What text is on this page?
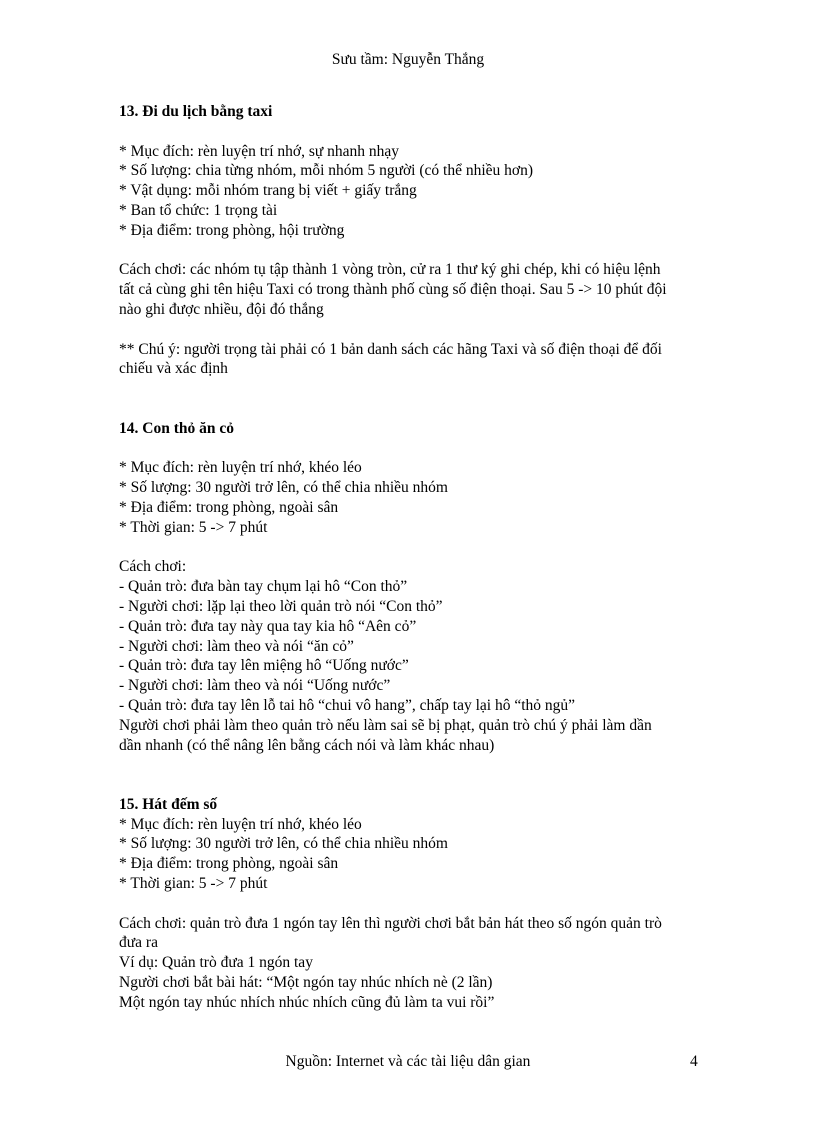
Sưu tầm: Nguyễn Thắng

13. Đi du lịch bằng taxi

* Mục đích: rèn luyện trí nhớ, sự nhanh nhạy

* Số lượng: chia từng nhóm, mỗi nhóm 5 người (có thể nhiều hơn)

* Vật dụng: mỗi nhóm trang bị viết + giấy trắng

* Ban tổ chức: 1 trọng tài

* Địa điểm: trong phòng, hội trường

Cách chơi: các nhóm tụ tập thành 1 vòng tròn, cử ra 1 thư ký ghi chép, khi có hiệu lệnh

tất cả cùng ghi tên hiệu Taxi có trong thành phố cùng số điện thoại. Sau 5 -> 10 phút đội

nào ghi được nhiều, đội đó thắng

** Chú ý: người trọng tài phải có 1 bản danh sách các hãng Taxi và số điện thoại để đối

chiếu và xác định

14. Con thỏ ăn cỏ

* Mục đích: rèn luyện trí nhớ, khéo léo

* Số lượng: 30 người trở lên, có thể chia nhiều nhóm

* Địa điểm: trong phòng, ngoài sân

* Thời gian: 5 -> 7 phút

Cách chơi:

- Quản trò: đưa bàn tay chụm lại hô “Con thỏ”

- Người chơi: lặp lại theo lời quản trò nói “Con thỏ”

- Quản trò: đưa tay này qua tay kia hô “Aên cỏ”

- Người chơi: làm theo và nói “ăn cỏ”

- Quản trò: đưa tay lên miệng hô “Uống nước”

- Người chơi: làm theo và nói “Uống nước”

- Quản trò: đưa tay lên lỗ tai hô “chui vô hang”, chấp tay lại hô “thỏ ngủ”

Người chơi phải làm theo quản trò nếu làm sai sẽ bị phạt, quản trò chú ý phải làm dần

dần nhanh (có thể nâng lên bằng cách nói và làm khác nhau)

15. Hát đếm số

* Mục đích: rèn luyện trí nhớ, khéo léo

* Số lượng: 30 người trở lên, có thể chia nhiều nhóm

* Địa điểm: trong phòng, ngoài sân

* Thời gian: 5 -> 7 phút

Cách chơi: quản trò đưa 1 ngón tay lên thì người chơi bắt bản hát theo số ngón quản trò

đưa ra

Ví dụ: Quản trò đưa 1 ngón tay

Người chơi bắt bài hát: “Một ngón tay nhúc nhích nè (2 lần)

Một ngón tay nhúc nhích nhúc nhích cũng đủ làm ta vui rồi”

Nguồn: Internet và các tài liệu dân gian	4
